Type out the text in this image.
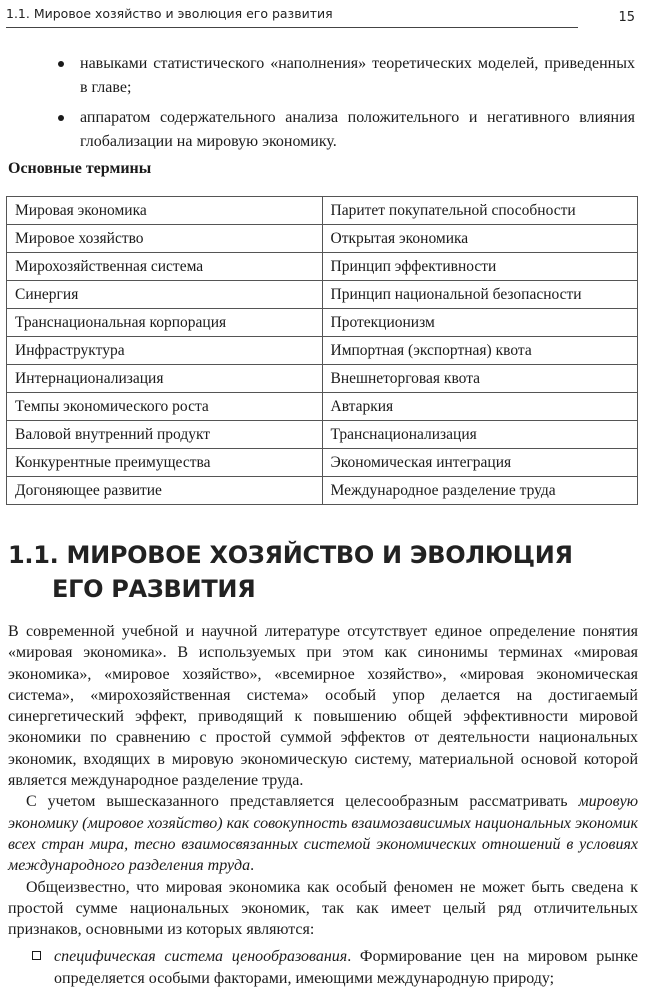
1.1. Мировое хозяйство и эволюция его развития	15
навыками статистического «наполнения» теоретических моделей, приведенных в главе;
аппаратом содержательного анализа положительного и негативного влияния глобализации на мировую экономику.
Основные термины
Мировая экономика	Паритет покупательной способности
Мировое хозяйство	Открытая экономика
Мирохозяйственная система	Принцип эффективности
Синергия	Принцип национальной безопасности
Транснациональная корпорация	Протекционизм
Инфраструктура	Импортная (экспортная) квота
Интернационализация	Внешнеторговая квота
Темпы экономического роста	Автаркия
Валовой внутренний продукт	Транснационализация
Конкурентные преимущества	Экономическая интеграция
Догоняющее развитие	Международное разделение труда
1.1. МИРОВОЕ ХОЗЯЙСТВО И ЭВОЛЮЦИЯ
ЕГО РАЗВИТИЯ

В современной учебной и научной литературе отсутствует единое определение понятия «мировая экономика». В используемых при этом как синонимы терминах «мировая экономика», «мировое хозяйство», «всемирное хозяйство», «мировая экономическая система», «мирохозяйственная система» особый упор делается на достигаемый синергетический эффект, приводящий к повышению общей эффективности мировой экономики по сравнению с простой суммой эффектов от деятельности национальных экономик, входящих в мировую экономическую систему, материальной основой которой является международное разделение труда.

С учетом вышесказанного представляется целесообразным рассматривать мировую экономику (мировое хозяйство) как совокупность взаимозависимых национальных экономик всех стран мира, тесно взаимосвязанных системой экономических отношений в условиях международного разделения труда.

Общеизвестно, что мировая экономика как особый феномен не может быть сведена к простой сумме национальных экономик, так как имеет целый ряд отличительных признаков, основными из которых являются:

специфическая система ценообразования. Формирование цен на мировом рынке определяется особыми факторами, имеющими международную природу;
